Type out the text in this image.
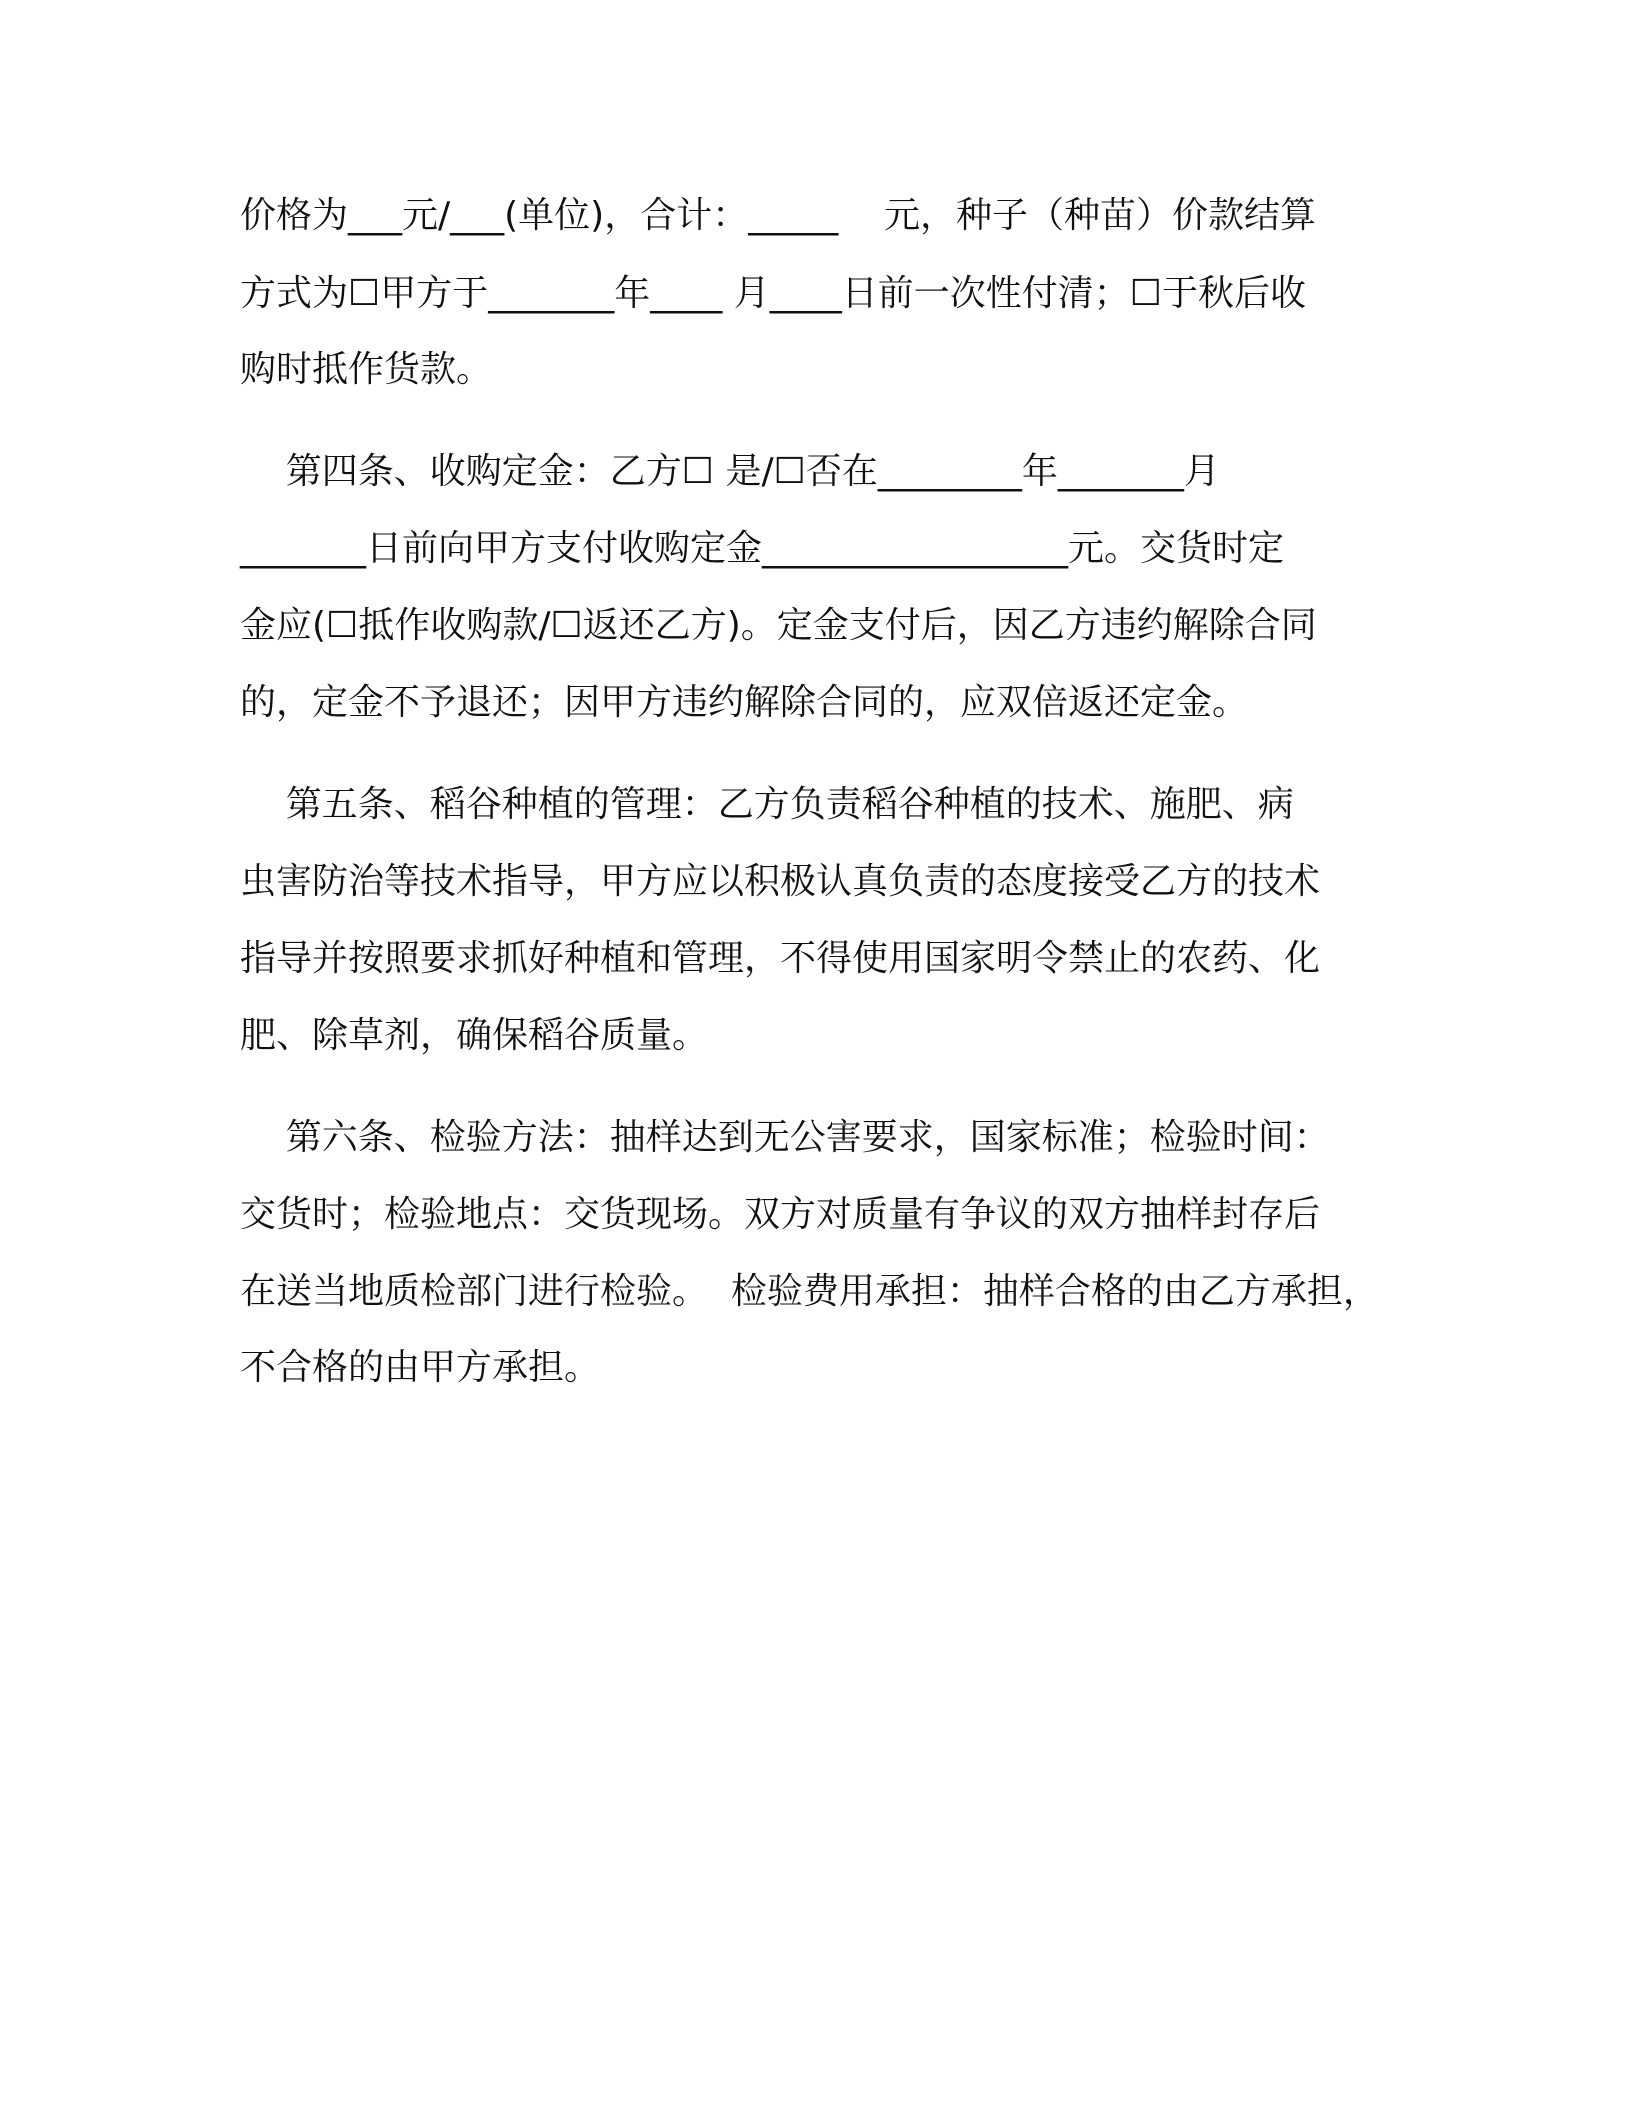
价格为___元/___(单位)，合计：_____    元，种子（种苗）价款结算
方式为☐甲方于_______年____ 月____日前一次性付清；☐于秋后收
购时抵作货款。
第四条、收购定金：乙方☐ 是/☐否在________年_______月
_______日前向甲方支付收购定金_________________元。交货时定
金应(☐抵作收购款/☐返还乙方)。定金支付后，因乙方违约解除合同
的，定金不予退还；因甲方违约解除合同的，应双倍返还定金。
第五条、稻谷种植的管理：乙方负责稻谷种植的技术、施肥、病
虫害防治等技术指导，甲方应以积极认真负责的态度接受乙方的技术
指导并按照要求抓好种植和管理，不得使用国家明令禁止的农药、化
肥、除草剂，确保稻谷质量。
第六条、检验方法：抽样达到无公害要求，国家标准；检验时间：
交货时；检验地点：交货现场。双方对质量有争议的双方抽样封存后
在送当地质检部门进行检验。  检验费用承担：抽样合格的由乙方承担，
不合格的由甲方承担。
